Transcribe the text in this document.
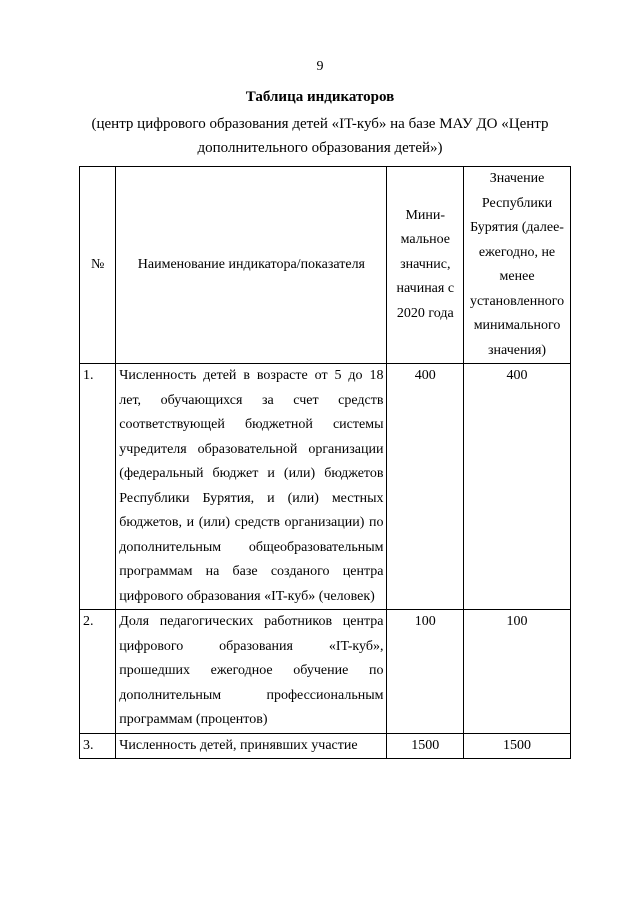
9
Таблица индикаторов
(центр цифрового образования детей «IT-куб» на базе МАУ ДО «Центр дополнительного образования детей»)
№	Наименование индикатора/показателя	Мини-мальное значнис, начиная с 2020 года	Значение Республики Бурятия (далее-ежегодно, не менее установленного минимального значения)
1.	Численность детей в возрасте от 5 до 18 лет, обучающихся за счет средств соответствующей бюджетной системы учредителя образовательной организации (федеральный бюджет и (или) бюджетов Республики Бурятия, и (или) местных бюджетов, и (или) средств организации) по дополнительным общеобразовательным программам на базе созданого центра цифрового образования «IT-куб» (человек)	400	400
2.	Доля педагогических работников центра цифрового образования «IT-куб», прошедших ежегодное обучение по дополнительным профессиональным программам (процентов)	100	100
3.	Численность детей, принявших участие	1500	1500
